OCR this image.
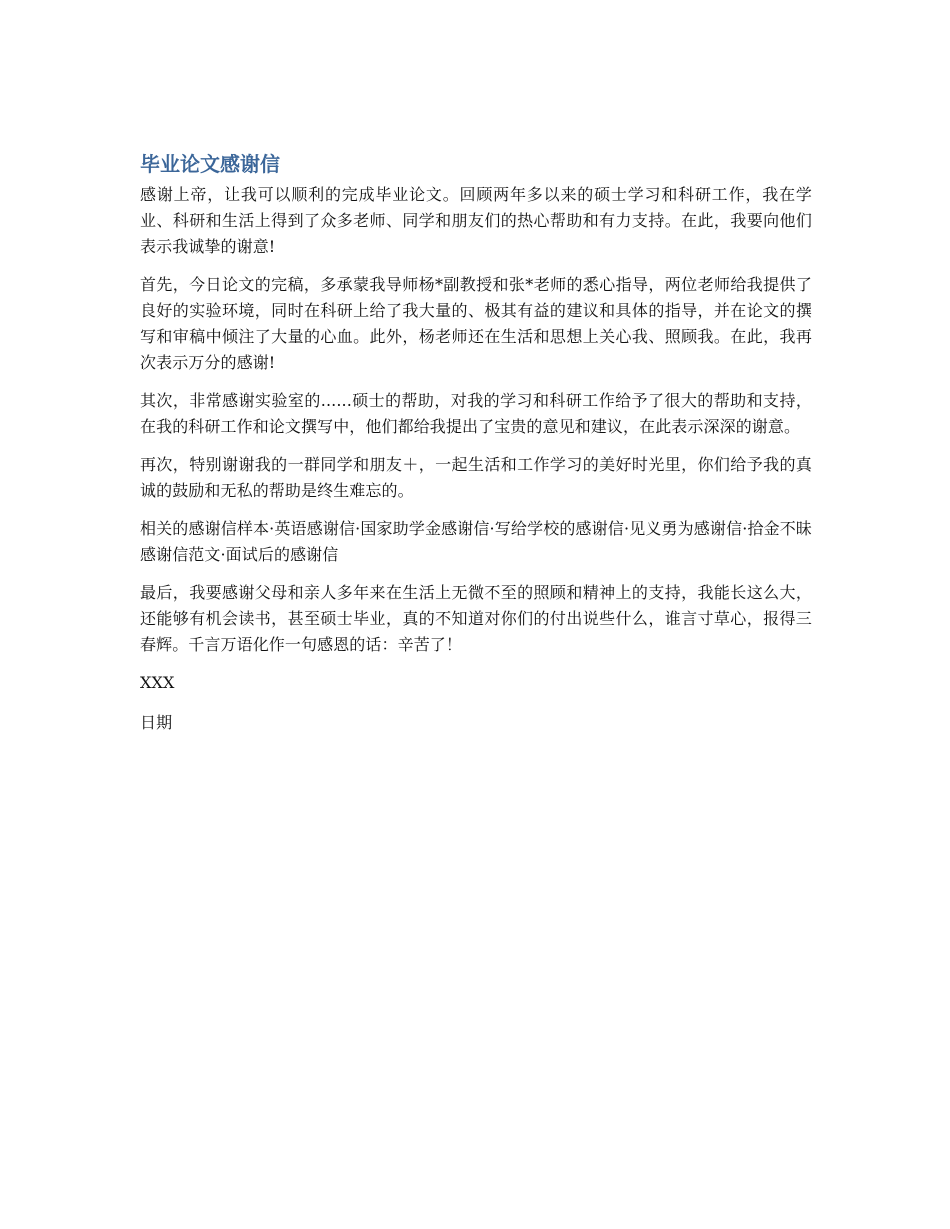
毕业论文感谢信

感谢上帝，让我可以顺利的完成毕业论文。回顾两年多以来的硕士学习和科研工作，我在学业、科研和生活上得到了众多老师、同学和朋友们的热心帮助和有力支持。在此，我要向他们表示我诚挚的谢意!

首先，今日论文的完稿，多承蒙我导师杨*副教授和张*老师的悉心指导，两位老师给我提供了良好的实验环境，同时在科研上给了我大量的、极其有益的建议和具体的指导，并在论文的撰写和审稿中倾注了大量的心血。此外，杨老师还在生活和思想上关心我、照顾我。在此，我再次表示万分的感谢!

其次，非常感谢实验室的......硕士的帮助，对我的学习和科研工作给予了很大的帮助和支持，在我的科研工作和论文撰写中，他们都给我提出了宝贵的意见和建议，在此表示深深的谢意。

再次，特别谢谢我的一群同学和朋友＋，一起生活和工作学习的美好时光里，你们给予我的真诚的鼓励和无私的帮助是终生难忘的。

相关的感谢信样本·英语感谢信·国家助学金感谢信·写给学校的感谢信·见义勇为感谢信·拾金不昧感谢信范文·面试后的感谢信

最后，我要感谢父母和亲人多年来在生活上无微不至的照顾和精神上的支持，我能长这么大，还能够有机会读书，甚至硕士毕业，真的不知道对你们的付出说些什么，谁言寸草心，报得三春辉。千言万语化作一句感恩的话：辛苦了！

XXX

日期
